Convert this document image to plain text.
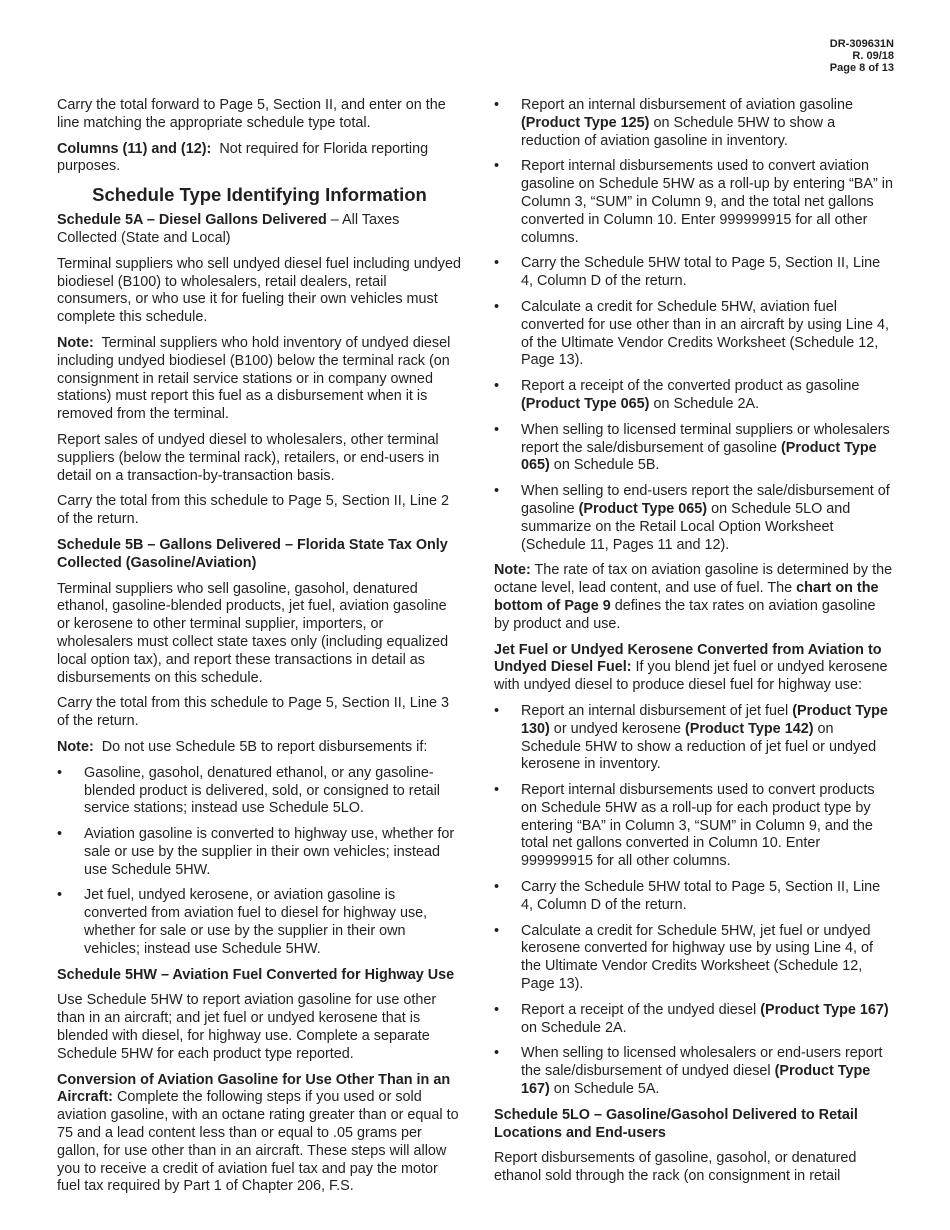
DR-309631N
R. 09/18
Page 8 of 13

Carry the total forward to Page 5, Section II, and enter on the line matching the appropriate schedule type total.

Columns (11) and (12): Not required for Florida reporting purposes.

Schedule Type Identifying Information

Schedule 5A – Diesel Gallons Delivered – All Taxes Collected (State and Local)

Terminal suppliers who sell undyed diesel fuel including undyed biodiesel (B100) to wholesalers, retail dealers, retail consumers, or who use it for fueling their own vehicles must complete this schedule.

Note: Terminal suppliers who hold inventory of undyed diesel including undyed biodiesel (B100) below the terminal rack (on consignment in retail service stations or in company owned stations) must report this fuel as a disbursement when it is removed from the terminal.

Report sales of undyed diesel to wholesalers, other terminal suppliers (below the terminal rack), retailers, or end-users in detail on a transaction-by-transaction basis.

Carry the total from this schedule to Page 5, Section II, Line 2 of the return.

Schedule 5B – Gallons Delivered – Florida State Tax Only Collected (Gasoline/Aviation)

Terminal suppliers who sell gasoline, gasohol, denatured ethanol, gasoline-blended products, jet fuel, aviation gasoline or kerosene to other terminal supplier, importers, or wholesalers must collect state taxes only (including equalized local option tax), and report these transactions in detail as disbursements on this schedule.

Carry the total from this schedule to Page 5, Section II, Line 3 of the return.

Note: Do not use Schedule 5B to report disbursements if:

• Gasoline, gasohol, denatured ethanol, or any gasoline-blended product is delivered, sold, or consigned to retail service stations; instead use Schedule 5LO.
• Aviation gasoline is converted to highway use, whether for sale or use by the supplier in their own vehicles; instead use Schedule 5HW.
• Jet fuel, undyed kerosene, or aviation gasoline is converted from aviation fuel to diesel for highway use, whether for sale or use by the supplier in their own vehicles; instead use Schedule 5HW.

Schedule 5HW – Aviation Fuel Converted for Highway Use

Use Schedule 5HW to report aviation gasoline for use other than in an aircraft; and jet fuel or undyed kerosene that is blended with diesel, for highway use. Complete a separate Schedule 5HW for each product type reported.

Conversion of Aviation Gasoline for Use Other Than in an Aircraft: Complete the following steps if you used or sold aviation gasoline, with an octane rating greater than or equal to 75 and a lead content less than or equal to .05 grams per gallon, for use other than in an aircraft. These steps will allow you to receive a credit of aviation fuel tax and pay the motor fuel tax required by Part 1 of Chapter 206, F.S.

• Report an internal disbursement of aviation gasoline (Product Type 125) on Schedule 5HW to show a reduction of aviation gasoline in inventory.
• Report internal disbursements used to convert aviation gasoline on Schedule 5HW as a roll-up by entering “BA” in Column 3, “SUM” in Column 9, and the total net gallons converted in Column 10. Enter 999999915 for all other columns.
• Carry the Schedule 5HW total to Page 5, Section II, Line 4, Column D of the return.
• Calculate a credit for Schedule 5HW, aviation fuel converted for use other than in an aircraft by using Line 4, of the Ultimate Vendor Credits Worksheet (Schedule 12, Page 13).
• Report a receipt of the converted product as gasoline (Product Type 065) on Schedule 2A.
• When selling to licensed terminal suppliers or wholesalers report the sale/disbursement of gasoline (Product Type 065) on Schedule 5B.
• When selling to end-users report the sale/disbursement of gasoline (Product Type 065) on Schedule 5LO and summarize on the Retail Local Option Worksheet (Schedule 11, Pages 11 and 12).

Note: The rate of tax on aviation gasoline is determined by the octane level, lead content, and use of fuel. The chart on the bottom of Page 9 defines the tax rates on aviation gasoline by product and use.

Jet Fuel or Undyed Kerosene Converted from Aviation to Undyed Diesel Fuel: If you blend jet fuel or undyed kerosene with undyed diesel to produce diesel fuel for highway use:

• Report an internal disbursement of jet fuel (Product Type 130) or undyed kerosene (Product Type 142) on Schedule 5HW to show a reduction of jet fuel or undyed kerosene in inventory.
• Report internal disbursements used to convert products on Schedule 5HW as a roll-up for each product type by entering “BA” in Column 3, “SUM” in Column 9, and the total net gallons converted in Column 10. Enter 999999915 for all other columns.
• Carry the Schedule 5HW total to Page 5, Section II, Line 4, Column D of the return.
• Calculate a credit for Schedule 5HW, jet fuel or undyed kerosene converted for highway use by using Line 4, of the Ultimate Vendor Credits Worksheet (Schedule 12, Page 13).
• Report a receipt of the undyed diesel (Product Type 167) on Schedule 2A.
• When selling to licensed wholesalers or end-users report the sale/disbursement of undyed diesel (Product Type 167) on Schedule 5A.

Schedule 5LO – Gasoline/Gasohol Delivered to Retail Locations and End-users

Report disbursements of gasoline, gasohol, or denatured ethanol sold through the rack (on consignment in retail
